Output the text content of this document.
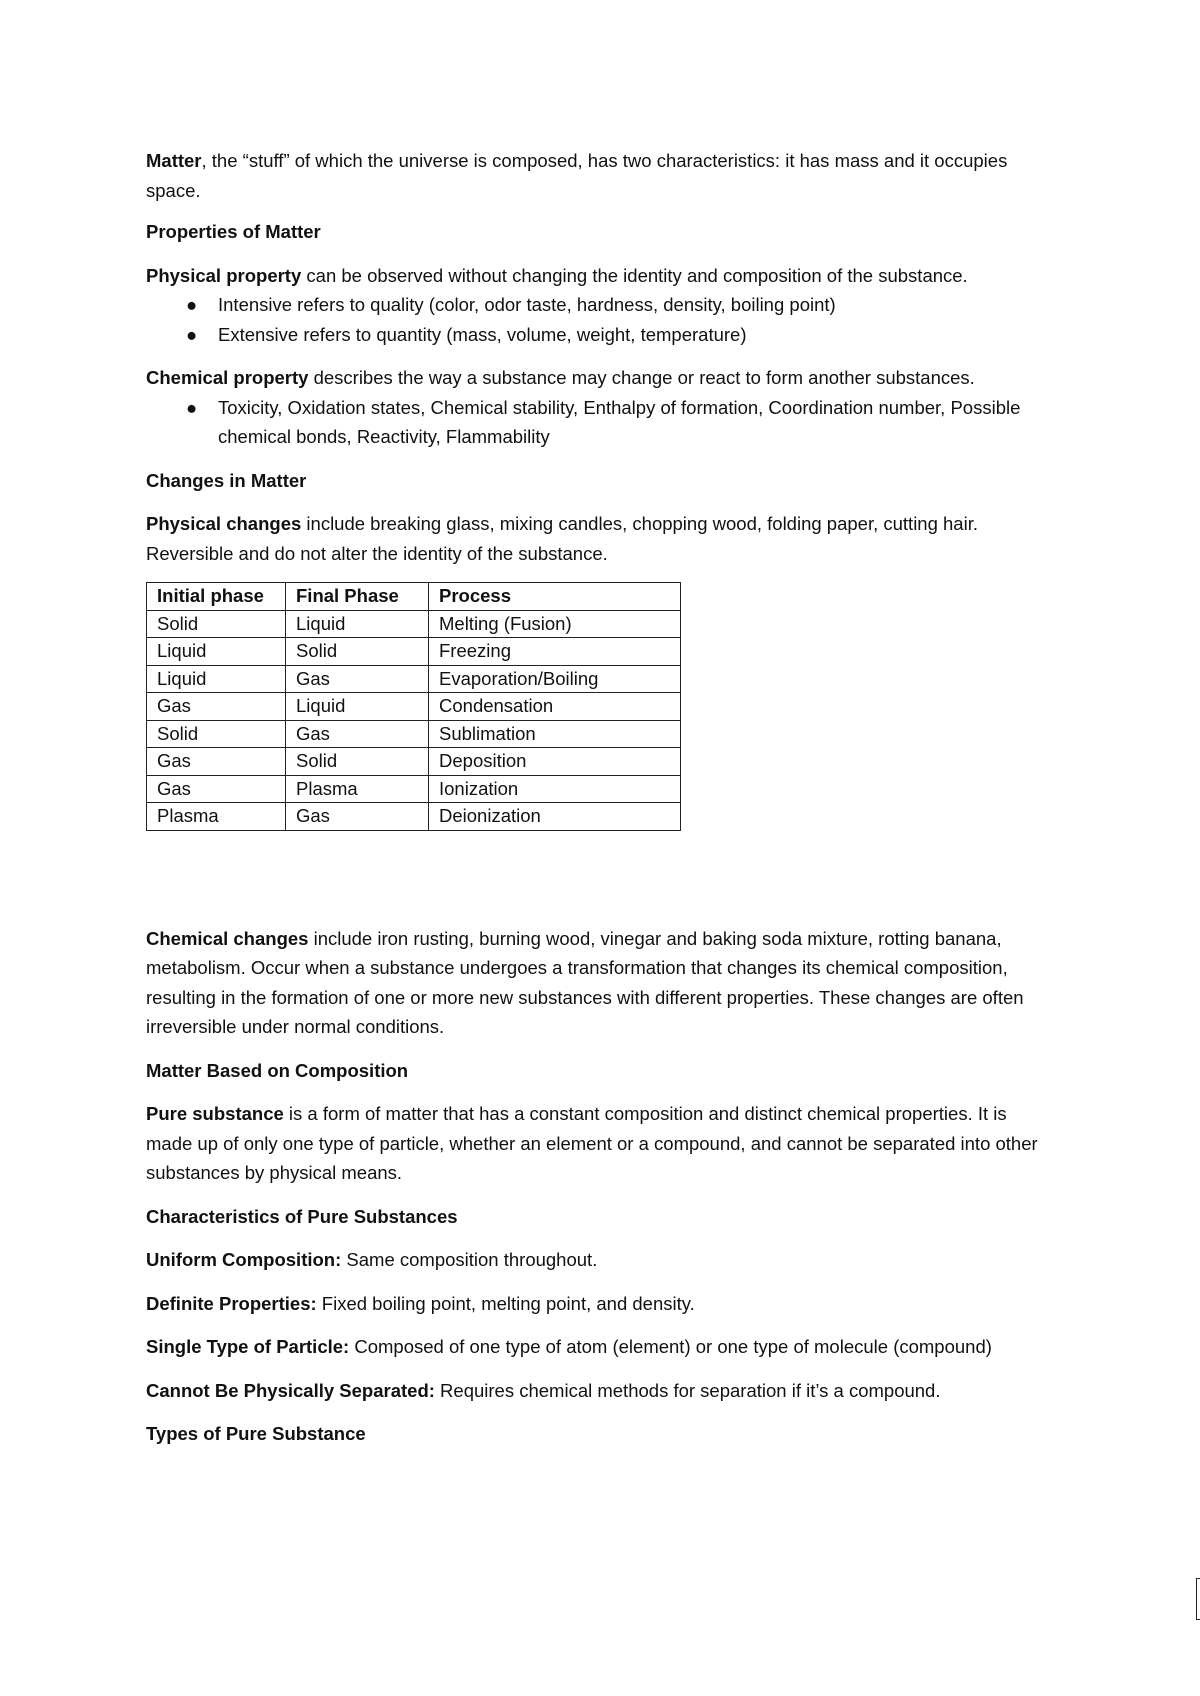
Matter, the “stuff” of which the universe is composed, has two characteristics: it has mass and it occupies space.

Properties of Matter

Physical property can be observed without changing the identity and composition of the substance.

● Intensive refers to quality (color, odor taste, hardness, density, boiling point)
● Extensive refers to quantity (mass, volume, weight, temperature)

Chemical property describes the way a substance may change or react to form another substances.

● Toxicity, Oxidation states, Chemical stability, Enthalpy of formation, Coordination number, Possible chemical bonds, Reactivity, Flammability

Changes in Matter

Physical changes include breaking glass, mixing candles, chopping wood, folding paper, cutting hair. Reversible and do not alter the identity of the substance.

Initial phase	Final Phase	Process
Solid	Liquid	Melting (Fusion)
Liquid	Solid	Freezing
Liquid	Gas	Evaporation/Boiling
Gas	Liquid	Condensation
Solid	Gas	Sublimation
Gas	Solid	Deposition
Gas	Plasma	Ionization
Plasma	Gas	Deionization

Chemical changes include iron rusting, burning wood, vinegar and baking soda mixture, rotting banana, metabolism. Occur when a substance undergoes a transformation that changes its chemical composition, resulting in the formation of one or more new substances with different properties. These changes are often irreversible under normal conditions.

Matter Based on Composition

Pure substance is a form of matter that has a constant composition and distinct chemical properties. It is made up of only one type of particle, whether an element or a compound, and cannot be separated into other substances by physical means.

Characteristics of Pure Substances

Uniform Composition: Same composition throughout.

Definite Properties: Fixed boiling point, melting point, and density.

Single Type of Particle: Composed of one type of atom (element) or one type of molecule (compound)

Cannot Be Physically Separated: Requires chemical methods for separation if it’s a compound.

Types of Pure Substance
